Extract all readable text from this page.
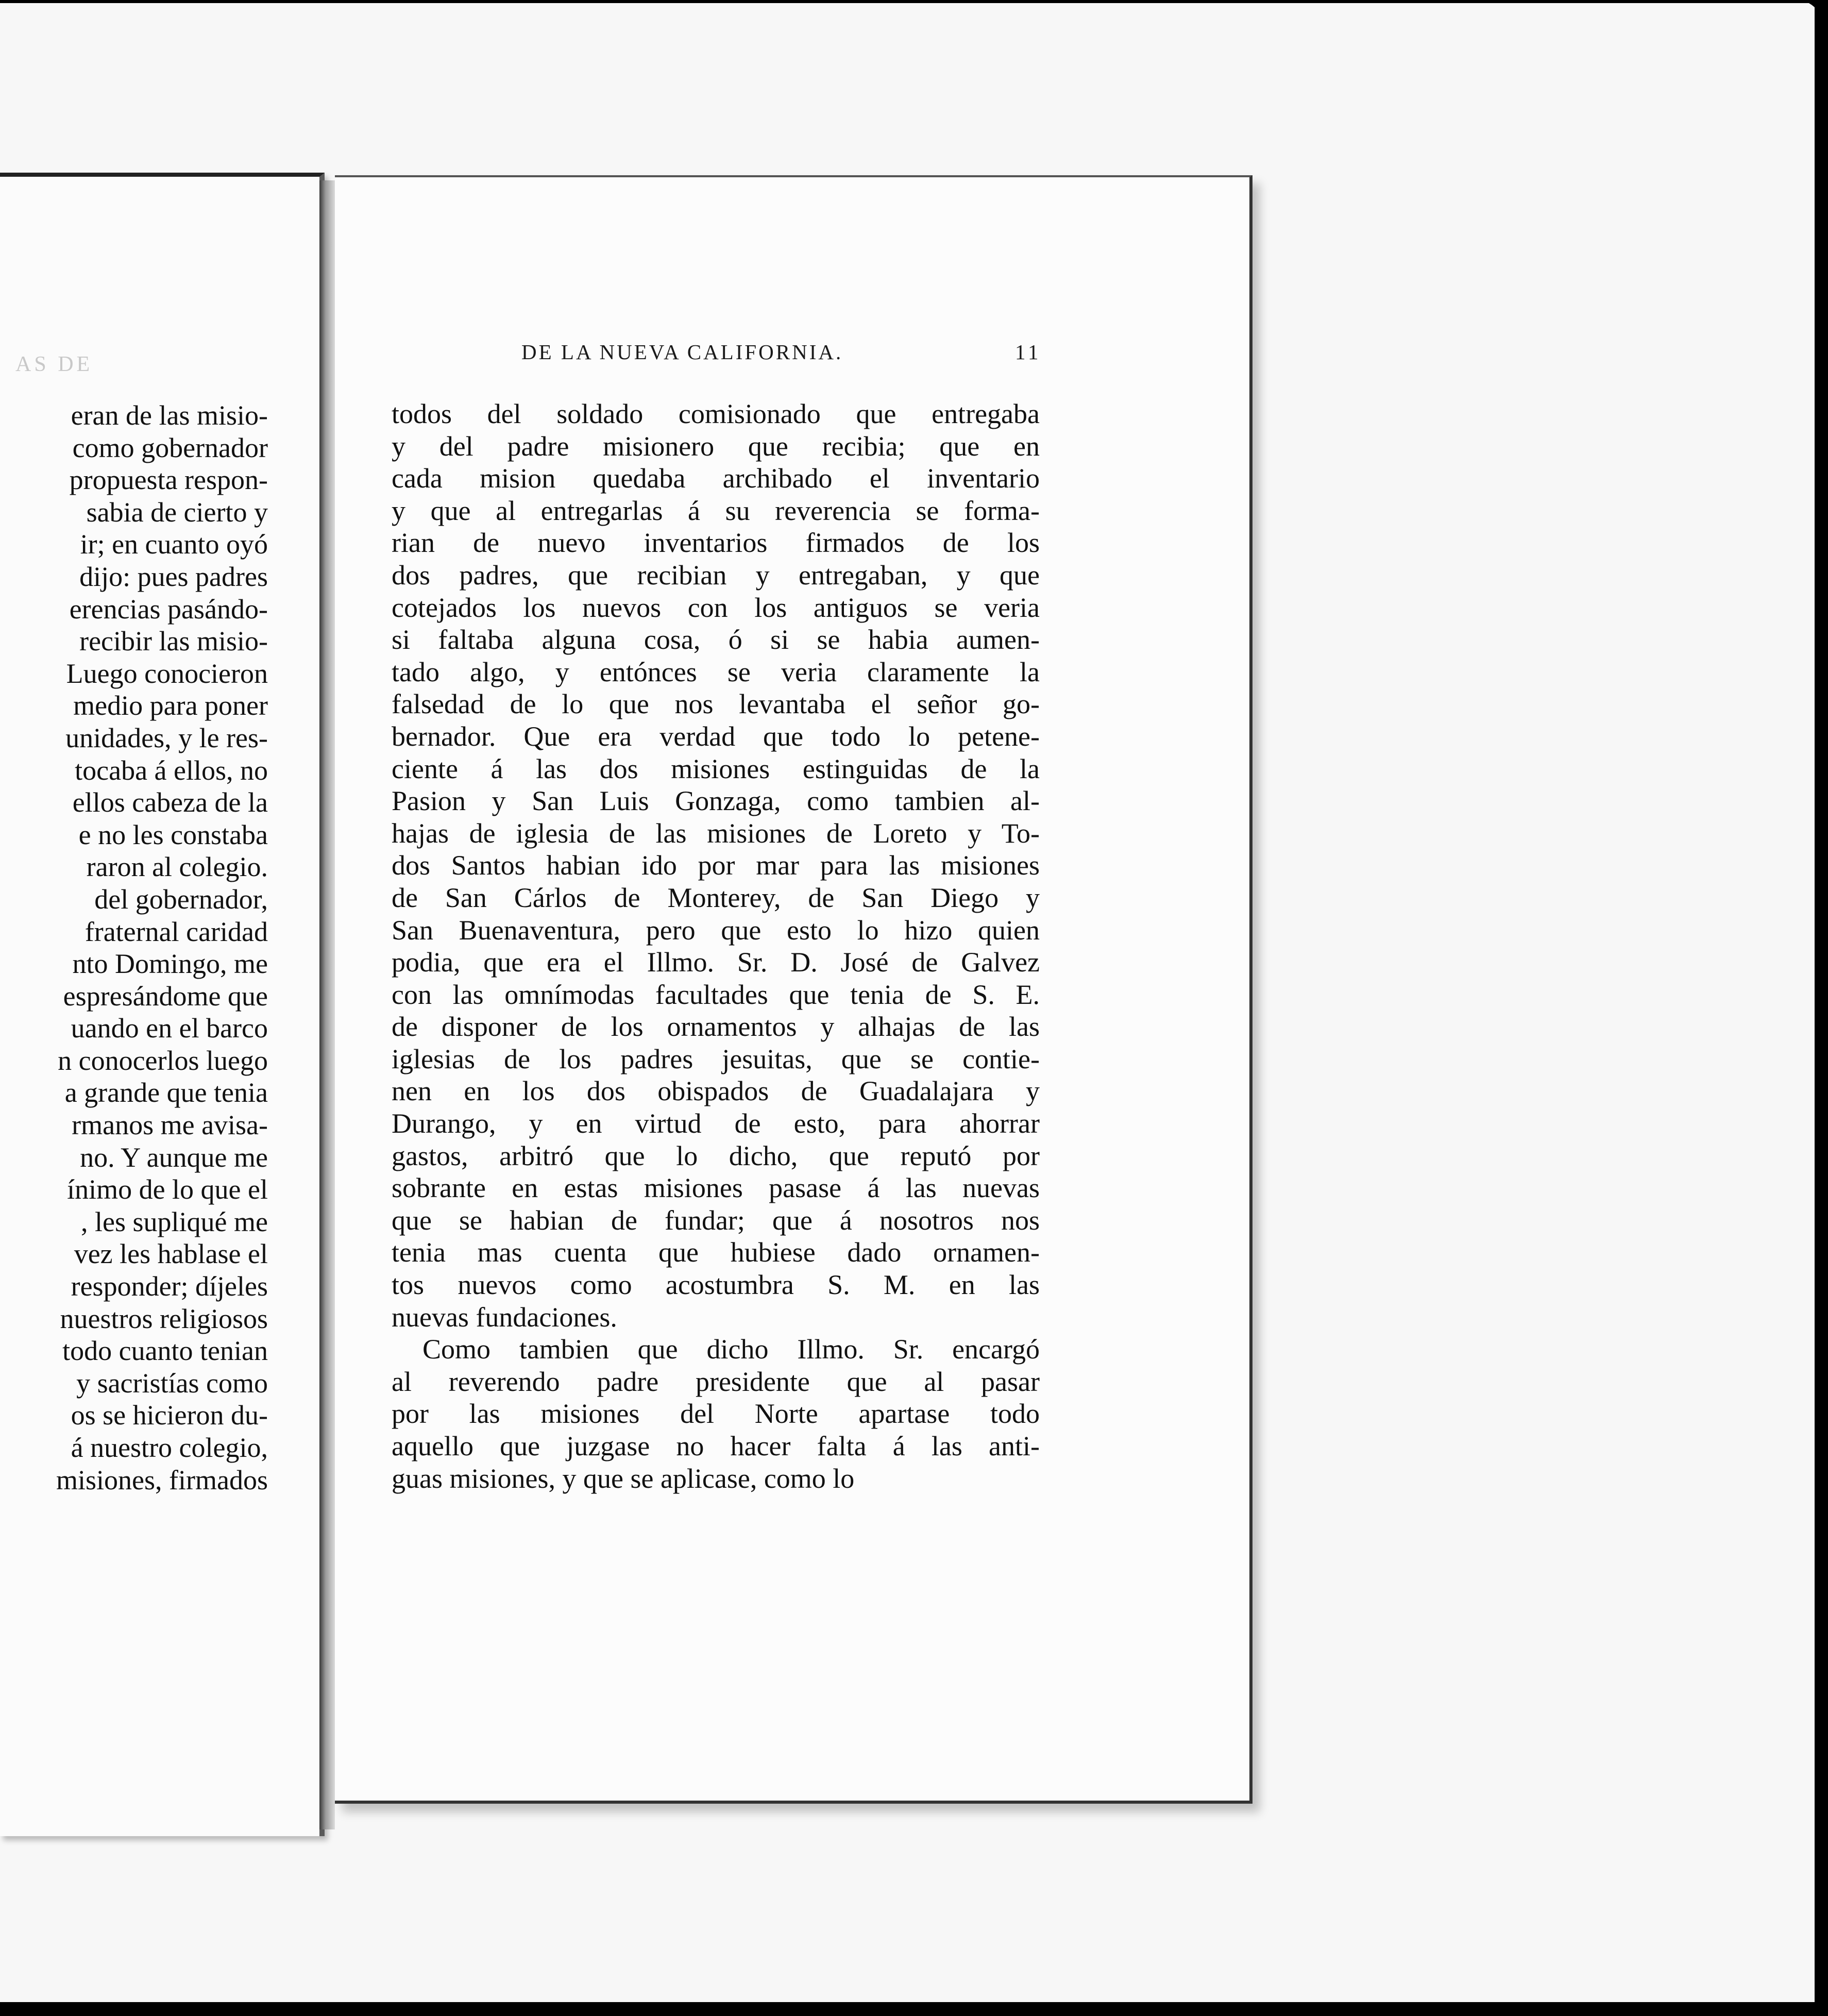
AS DE
eran de las misio-
como gobernador
propuesta respon-
sabia de cierto y
ir; en cuanto oyó
dijo: pues padres
erencias pasándo-
recibir las misio-
Luego conocieron
medio para poner
unidades, y le res-
tocaba á ellos, no
ellos cabeza de la
e no les constaba
raron al colegio.
del gobernador,
fraternal caridad
nto Domingo, me
espresándome que
uando en el barco
n conocerlos luego
a grande que tenia
rmanos me avisa-
no. Y aunque me
ínimo de lo que el
, les supliqué me
vez les hablase el
responder; díjeles
nuestros religiosos
todo cuanto tenian
y sacristías como
os se hicieron du-
á nuestro colegio,
misiones, firmados
DE LA NUEVA CALIFORNIA.	11
todos del soldado comisionado que entregaba
y del padre misionero que recibia; que en
cada mision quedaba archibado el inventario
y que al entregarlas á su reverencia se forma-
rian de nuevo inventarios firmados de los
dos padres, que recibian y entregaban, y que
cotejados los nuevos con los antiguos se veria
si faltaba alguna cosa, ó si se habia aumen-
tado algo, y entónces se veria claramente la
falsedad de lo que nos levantaba el señor go-
bernador. Que era verdad que todo lo petene-
ciente á las dos misiones estinguidas de la
Pasion y San Luis Gonzaga, como tambien al-
hajas de iglesia de las misiones de Loreto y To-
dos Santos habian ido por mar para las misiones
de San Cárlos de Monterey, de San Diego y
San Buenaventura, pero que esto lo hizo quien
podia, que era el Illmo. Sr. D. José de Galvez
con las omnímodas facultades que tenia de S. E.
de disponer de los ornamentos y alhajas de las
iglesias de los padres jesuitas, que se contie-
nen en los dos obispados de Guadalajara y
Durango, y en virtud de esto, para ahorrar
gastos, arbitró que lo dicho, que reputó por
sobrante en estas misiones pasase á las nuevas
que se habian de fundar; que á nosotros nos
tenia mas cuenta que hubiese dado ornamen-
tos nuevos como acostumbra S. M. en las
nuevas fundaciones.
Como tambien que dicho Illmo. Sr. encargó
al reverendo padre presidente que al pasar
por las misiones del Norte apartase todo
aquello que juzgase no hacer falta á las anti-
guas misiones, y que se aplicase, como lo
